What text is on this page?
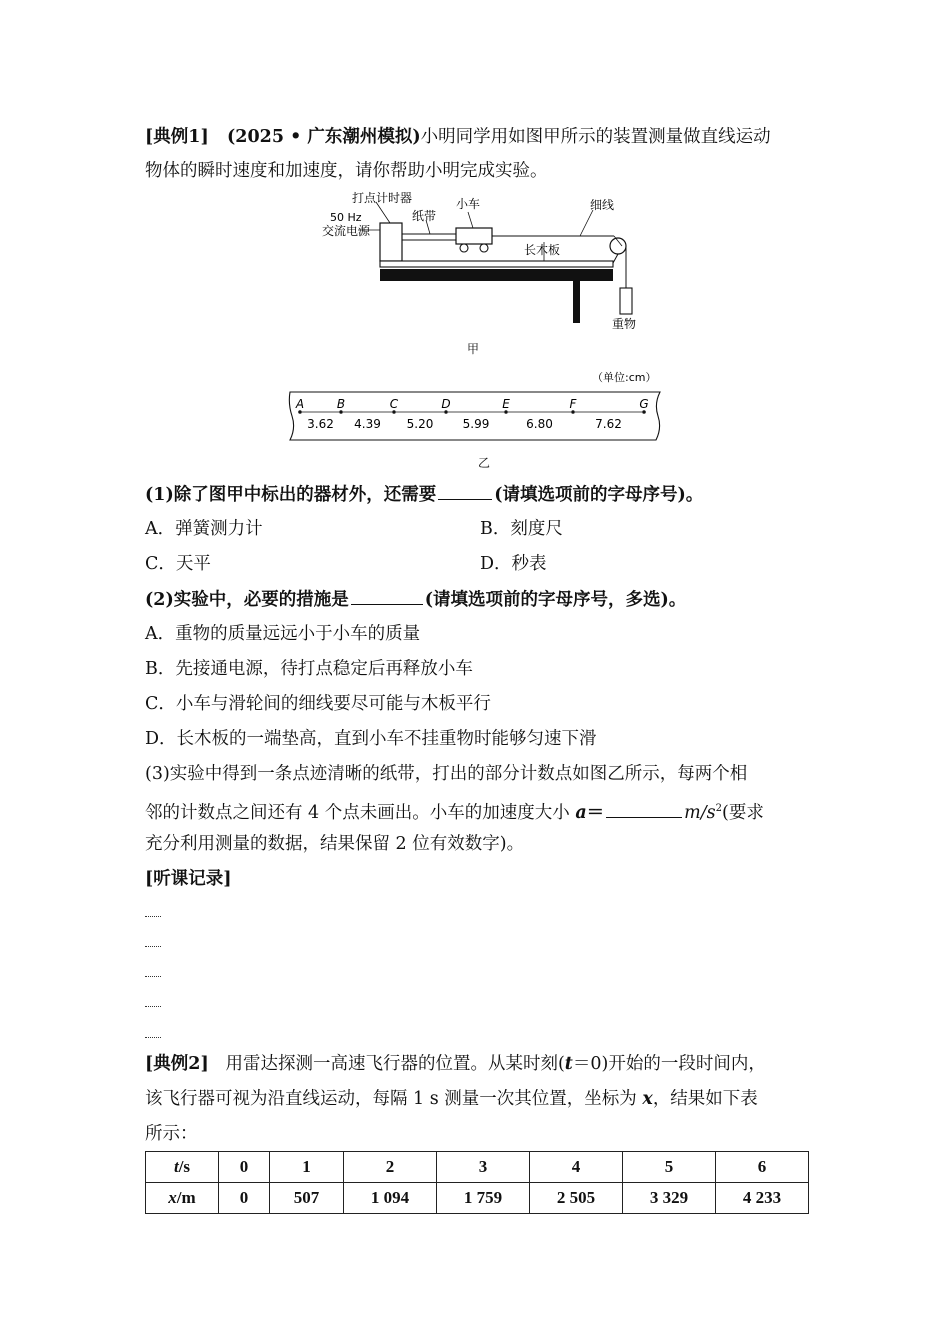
[典例1] (2025 • 广东潮州模拟)小明同学用如图甲所示的装置测量做直线运动
物体的瞬时速度和加速度，请你帮助小明完成实验。
打点计时器	小车	细线
50 Hz
交流电源
纸带
长木板
重物
甲
（单位:cm）
3.62 4.39 5.20 5.99	6.80	7.62
A	B	C	D	E	F	G
乙
(1)除了图甲中标出的器材外，还需要	(请填选项前的字母序号)。
A．弹簧测力计	B．刻度尺
C．天平	D．秒表
(2)实验中，必要的措施是	(请填选项前的字母序号，多选)。
A．重物的质量远远小于小车的质量
B．先接通电源，待打点稳定后再释放小车
C．小车与滑轮间的细线要尽可能与木板平行
D．长木板的一端垫高，直到小车不挂重物时能够匀速下滑
(3)实验中得到一条点迹清晰的纸带，打出的部分计数点如图乙所示，每两个相
邻的计数点之间还有 4 个点未画出。小车的加速度大小 a＝	$m/s^2$(要求
充分利用测量的数据，结果保留 2 位有效数字)。
[听课记录]
[典例2] 用雷达探测一高速飞行器的位置。从某时刻(t＝0)开始的一段时间内，
该飞行器可视为沿直线运动，每隔 1 s 测量一次其位置，坐标为 x，结果如下表
所示：
t/s	0	1	2	3	4	5	6
x/m	0	507	1 094	1 759	2 505	3 329	4 233
